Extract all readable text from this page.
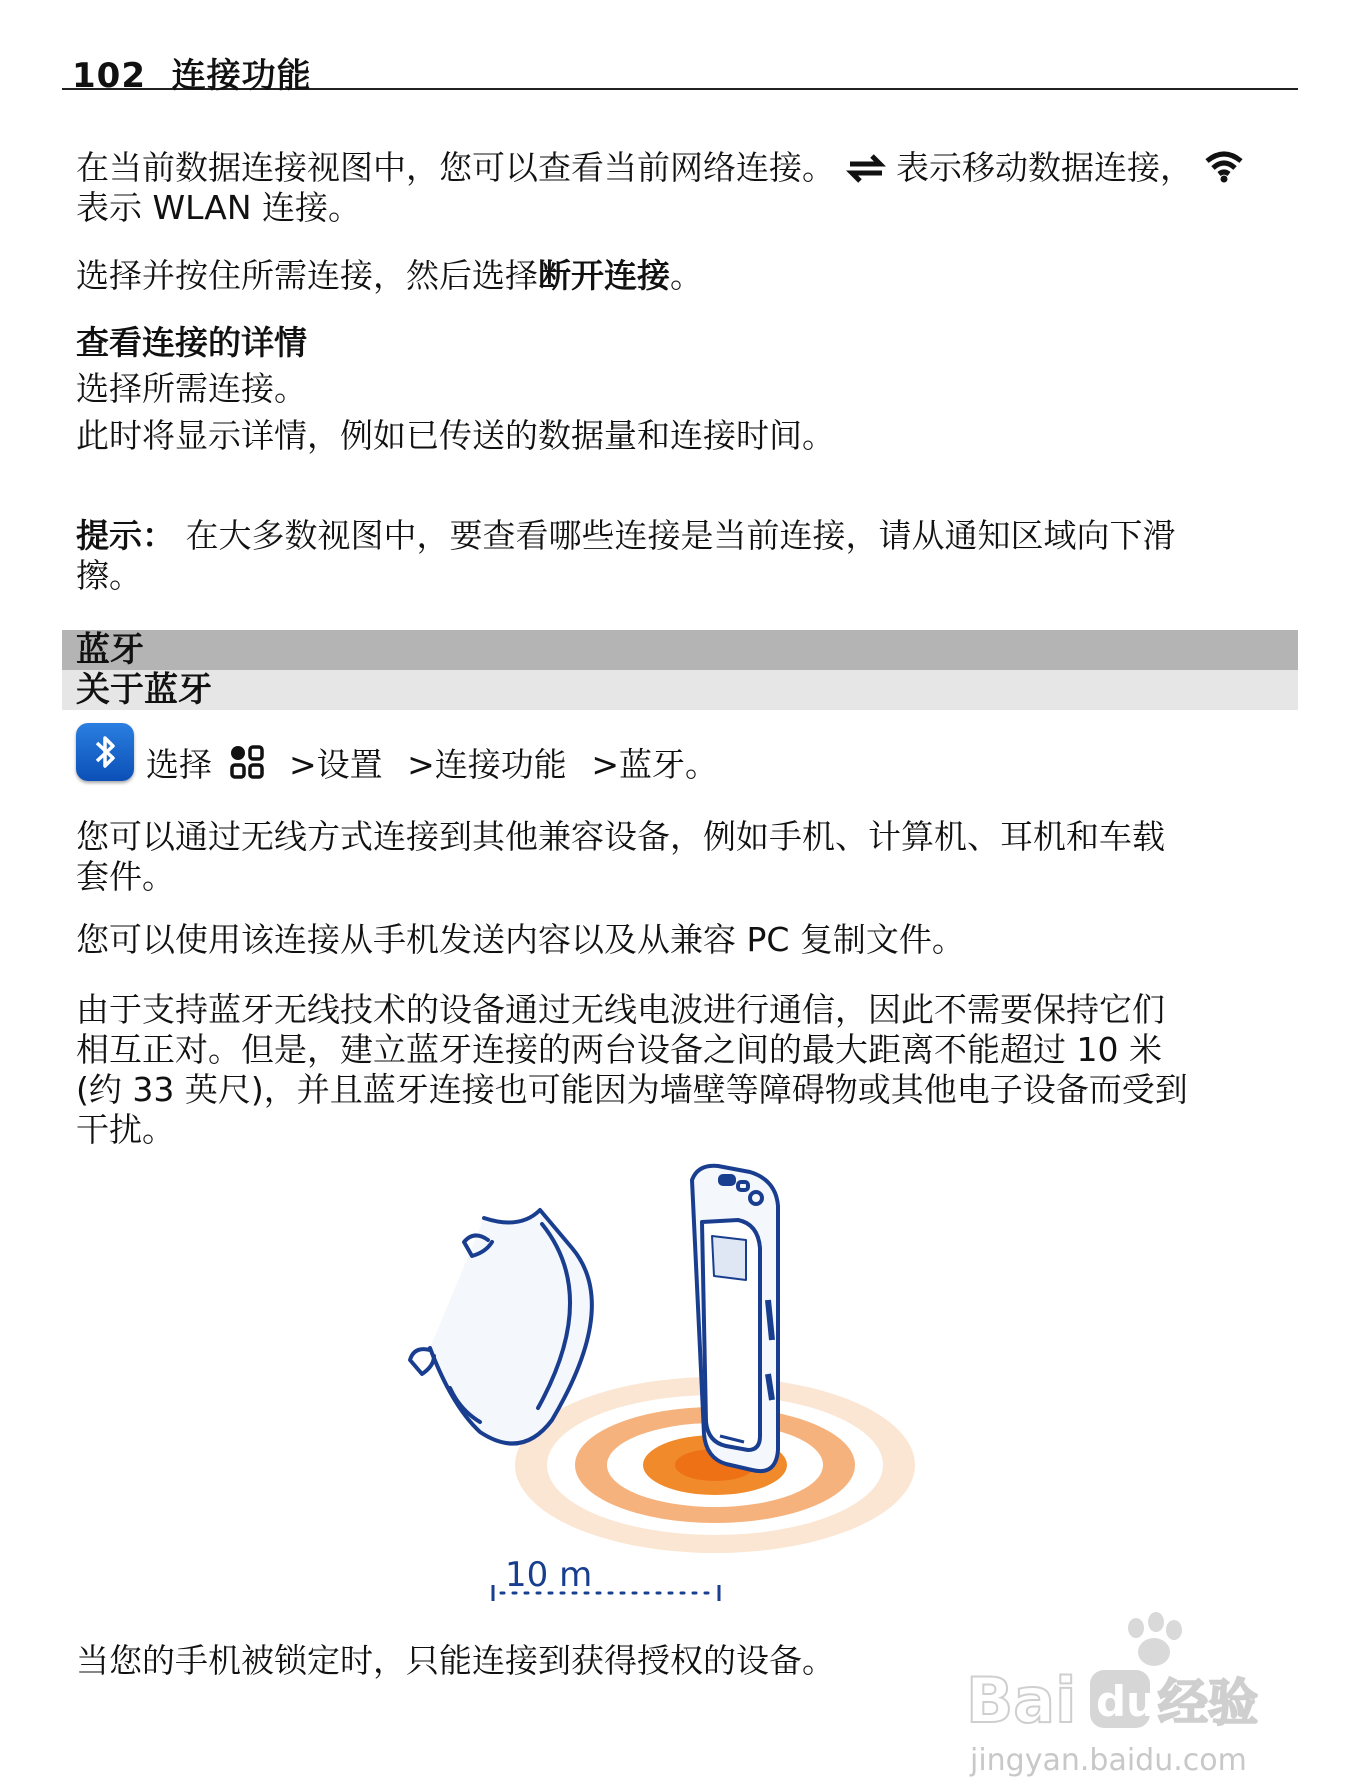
102 连接功能

在当前数据连接视图中，您可以查看当前网络连接。 表示移动数据连接，
表示 WLAN 连接。

选择并按住所需连接，然后选择断开连接。

查看连接的详情

选择所需连接。

此时将显示详情，例如已传送的数据量和连接时间。

提示： 在大多数视图中，要查看哪些连接是当前连接，请从通知区域向下滑
擦。

蓝牙
关于蓝牙
选择 >设置 >连接功能 >蓝牙。

您可以通过无线方式连接到其他兼容设备，例如手机、计算机、耳机和车载
套件。

您可以使用该连接从手机发送内容以及从兼容 PC 复制文件。

由于支持蓝牙无线技术的设备通过无线电波进行通信，因此不需要保持它们
相互正对。但是，建立蓝牙连接的两台设备之间的最大距离不能超过 10 米
(约 33 英尺)，并且蓝牙连接也可能因为墙壁等障碍物或其他电子设备而受到
干扰。

10 m

当您的手机被锁定时，只能连接到获得授权的设备。

Bai du 经验
jingyan.baidu.com
